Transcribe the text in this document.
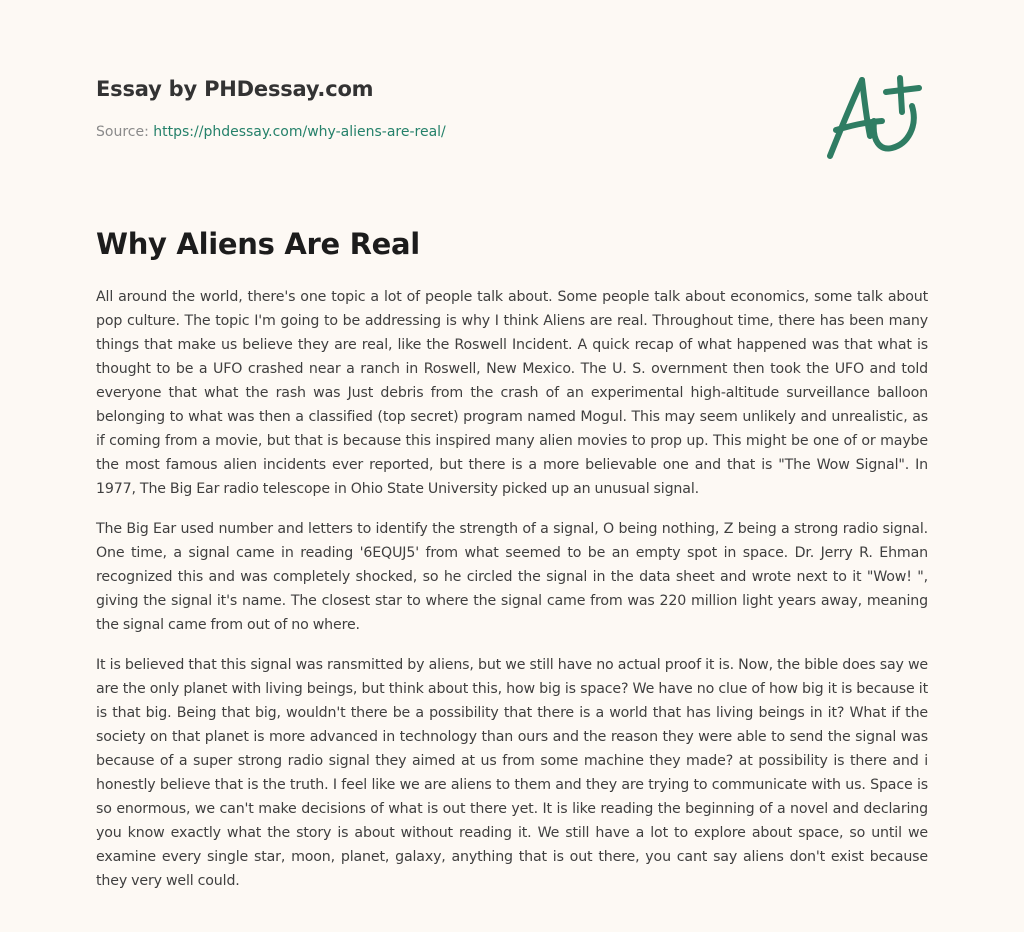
Essay by PHDessay.com
Source: https://phdessay.com/why-aliens-are-real/
Why Aliens Are Real

All around the world, there's one topic a lot of people talk about. Some people talk about economics, some talk about pop culture. The topic I'm going to be addressing is why I think Aliens are real. Throughout time, there has been many things that make us believe they are real, like the Roswell Incident. A quick recap of what happened was that what is thought to be a UFO crashed near a ranch in Roswell, New Mexico. The U. S. overnment then took the UFO and told everyone that what the rash was Just debris from the crash of an experimental high-altitude surveillance balloon belonging to what was then a classified (top secret) program named Mogul. This may seem unlikely and unrealistic, as if coming from a movie, but that is because this inspired many alien movies to prop up. This might be one of or maybe the most famous alien incidents ever reported, but there is a more believable one and that is "The Wow Signal". In 1977, The Big Ear radio telescope in Ohio State University picked up an unusual signal.

The Big Ear used number and letters to identify the strength of a signal, O being nothing, Z being a strong radio signal. One time, a signal came in reading '6EQUJ5' from what seemed to be an empty spot in space. Dr. Jerry R. Ehman recognized this and was completely shocked, so he circled the signal in the data sheet and wrote next to it "Wow! ", giving the signal it's name. The closest star to where the signal came from was 220 million light years away, meaning the signal came from out of no where.

It is believed that this signal was ransmitted by aliens, but we still have no actual proof it is. Now, the bible does say we are the only planet with living beings, but think about this, how big is space? We have no clue of how big it is because it is that big. Being that big, wouldn't there be a possibility that there is a world that has living beings in it? What if the society on that planet is more advanced in technology than ours and the reason they were able to send the signal was because of a super strong radio signal they aimed at us from some machine they made? at possibility is there and i honestly believe that is the truth. I feel like we are aliens to them and they are trying to communicate with us. Space is so enormous, we can't make decisions of what is out there yet. It is like reading the beginning of a novel and declaring you know exactly what the story is about without reading it. We still have a lot to explore about space, so until we examine every single star, moon, planet, galaxy, anything that is out there, you cant say aliens don't exist because they very well could.
